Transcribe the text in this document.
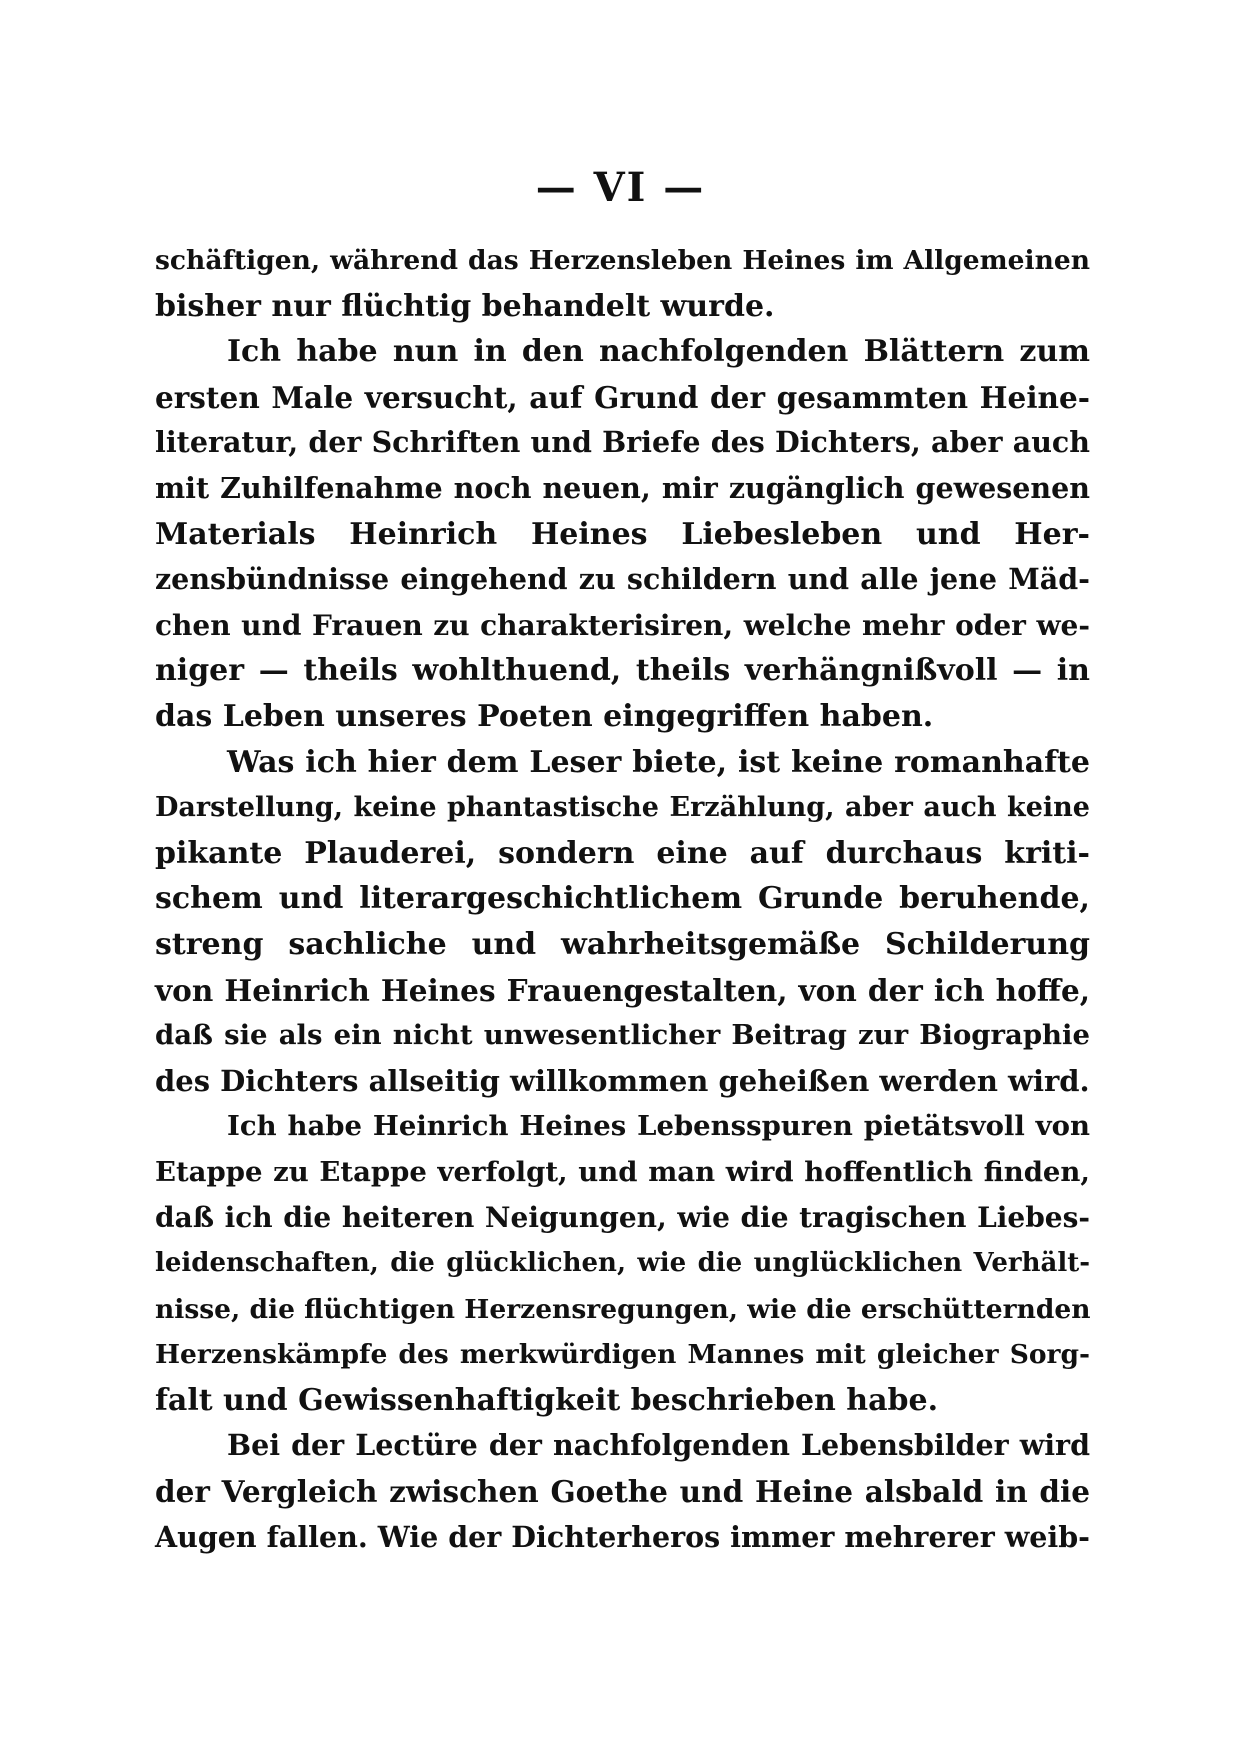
— VI —
schäftigen, während das Herzensleben Heines im Allgemeinen
bisher nur flüchtig behandelt wurde.
Ich habe nun in den nachfolgenden Blättern zum
ersten Male versucht, auf Grund der gesammten Heine-
literatur, der Schriften und Briefe des Dichters, aber auch
mit Zuhilfenahme noch neuen, mir zugänglich gewesenen
Materials Heinrich Heines Liebesleben und Her-
zensbündnisse eingehend zu schildern und alle jene Mäd-
chen und Frauen zu charakterisiren, welche mehr oder we-
niger — theils wohlthuend, theils verhängnißvoll — in
das Leben unseres Poeten eingegriffen haben.
Was ich hier dem Leser biete, ist keine romanhafte
Darstellung, keine phantastische Erzählung, aber auch keine
pikante Plauderei, sondern eine auf durchaus kriti-
schem und literargeschichtlichem Grunde beruhende,
streng sachliche und wahrheitsgemäße Schilderung
von Heinrich Heines Frauengestalten, von der ich hoffe,
daß sie als ein nicht unwesentlicher Beitrag zur Biographie
des Dichters allseitig willkommen geheißen werden wird.
Ich habe Heinrich Heines Lebensspuren pietätsvoll von
Etappe zu Etappe verfolgt, und man wird hoffentlich finden,
daß ich die heiteren Neigungen, wie die tragischen Liebes-
leidenschaften, die glücklichen, wie die unglücklichen Verhält-
nisse, die flüchtigen Herzensregungen, wie die erschütternden
Herzenskämpfe des merkwürdigen Mannes mit gleicher Sorg-
falt und Gewissenhaftigkeit beschrieben habe.
Bei der Lectüre der nachfolgenden Lebensbilder wird
der Vergleich zwischen Goethe und Heine alsbald in die
Augen fallen. Wie der Dichterheros immer mehrerer weib-
